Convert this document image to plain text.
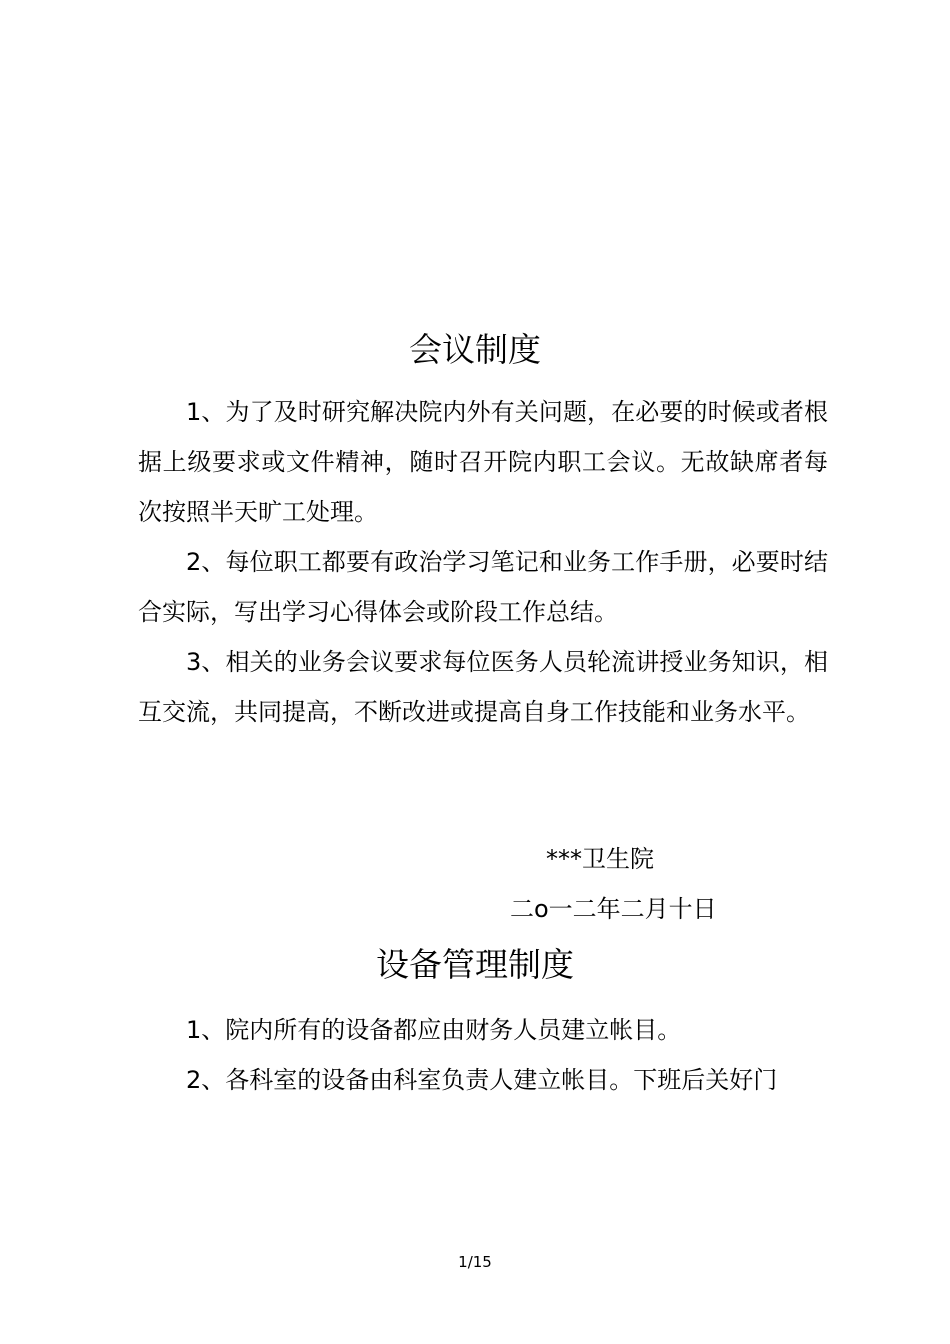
会议制度
1、为了及时研究解决院内外有关问题，在必要的时候或者根据上级要求或文件精神，随时召开院内职工会议。无故缺席者每次按照半天旷工处理。
2、每位职工都要有政治学习笔记和业务工作手册，必要时结合实际，写出学习心得体会或阶段工作总结。
3、相关的业务会议要求每位医务人员轮流讲授业务知识，相互交流，共同提高，不断改进或提高自身工作技能和业务水平。
***卫生院
二o一二年二月十日
设备管理制度
1、院内所有的设备都应由财务人员建立帐目。
2、各科室的设备由科室负责人建立帐目。下班后关好门
1/15
